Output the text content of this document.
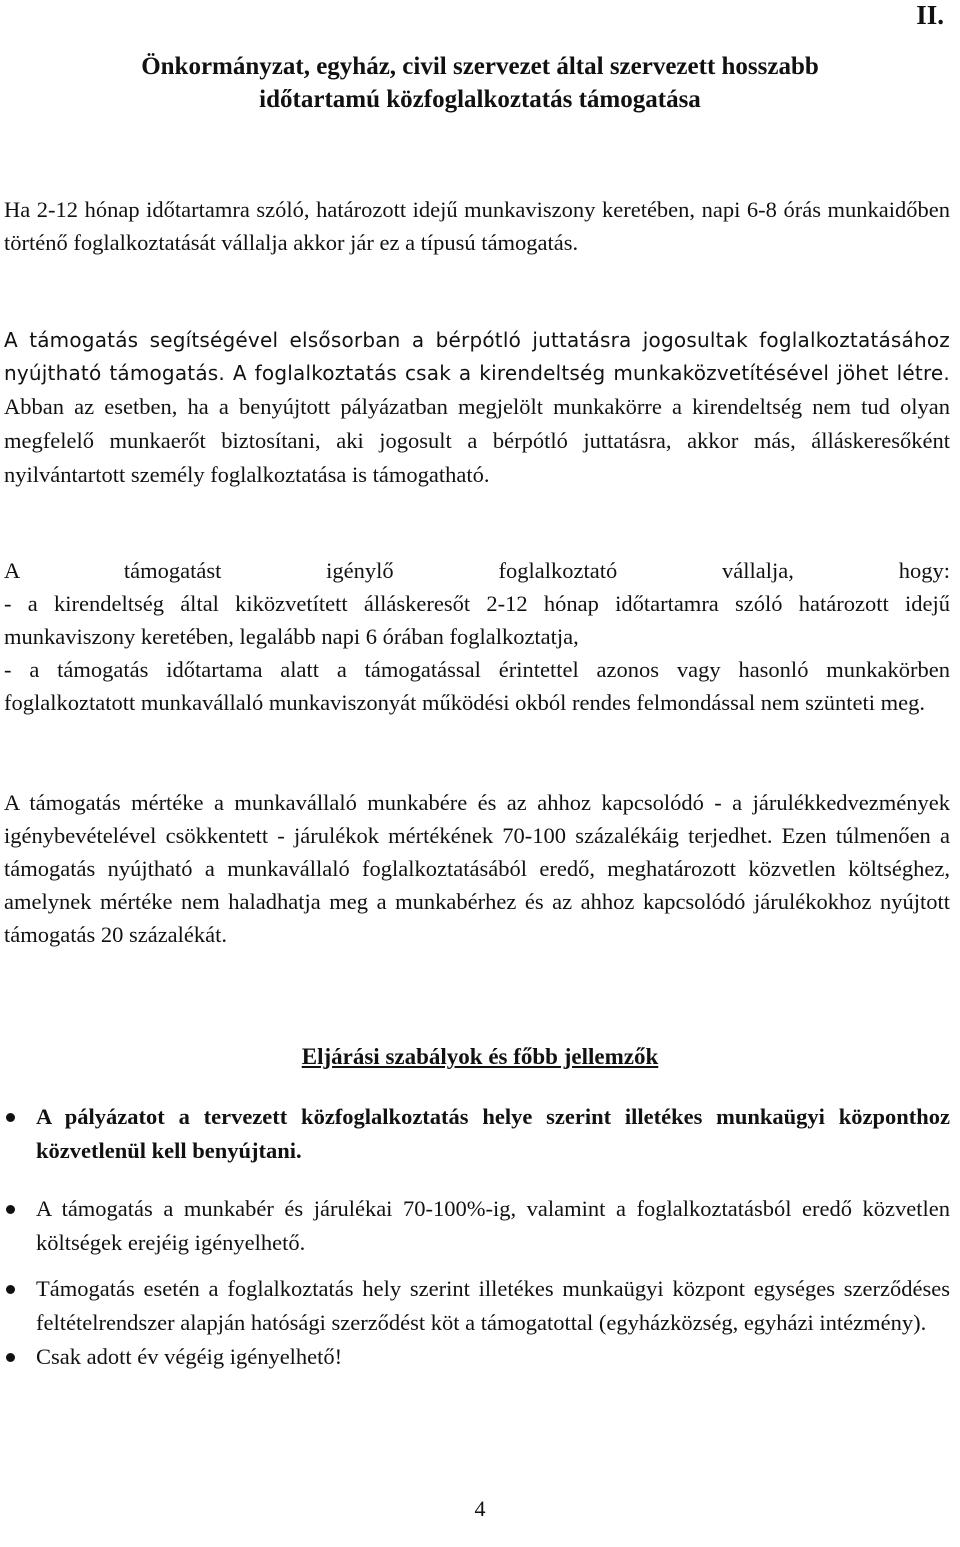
II.
Önkormányzat, egyház, civil szervezet által szervezett hosszabb
időtartamú közfoglalkoztatás támogatása

Ha 2-12 hónap időtartamra szóló, határozott idejű munkaviszony keretében, napi 6-8 órás munkaidőben történő foglalkoztatását vállalja akkor jár ez a típusú támogatás.

A támogatás segítségével elsősorban a bérpótló juttatásra jogosultak foglalkoztatásához nyújtható támogatás. A foglalkoztatás csak a kirendeltség munkaközvetítésével jöhet létre. Abban az esetben, ha a benyújtott pályázatban megjelölt munkakörre a kirendeltség nem tud olyan megfelelő munkaerőt biztosítani, aki jogosult a bérpótló juttatásra, akkor más, álláskeresőként nyilvántartott személy foglalkoztatása is támogatható.

A támogatást igénylő foglalkoztató vállalja, hogy:
- a kirendeltség által kiközvetített álláskeresőt 2-12 hónap időtartamra szóló határozott idejű munkaviszony keretében, legalább napi 6 órában foglalkoztatja,
- a támogatás időtartama alatt a támogatással érintettel azonos vagy hasonló munkakörben foglalkoztatott munkavállaló munkaviszonyát működési okból rendes felmondással nem szünteti meg.

A támogatás mértéke a munkavállaló munkabére és az ahhoz kapcsolódó - a járulékkedvezmények igénybevételével csökkentett - járulékok mértékének 70-100 százalékáig terjedhet. Ezen túlmenően a támogatás nyújtható a munkavállaló foglalkoztatásából eredő, meghatározott közvetlen költséghez, amelynek mértéke nem haladhatja meg a munkabérhez és az ahhoz kapcsolódó járulékokhoz nyújtott támogatás 20 százalékát.

Eljárási szabályok és főbb jellemzők
A pályázatot a tervezett közfoglalkoztatás helye szerint illetékes munkaügyi központhoz közvetlenül kell benyújtani.
A támogatás a munkabér és járulékai 70-100%-ig, valamint a foglalkoztatásból eredő közvetlen költségek erejéig igényelhető.
Támogatás esetén a foglalkoztatás hely szerint illetékes munkaügyi központ egységes szerződéses feltételrendszer alapján hatósági szerződést köt a támogatottal (egyházközség, egyházi intézmény).
Csak adott év végéig igényelhető!
4
